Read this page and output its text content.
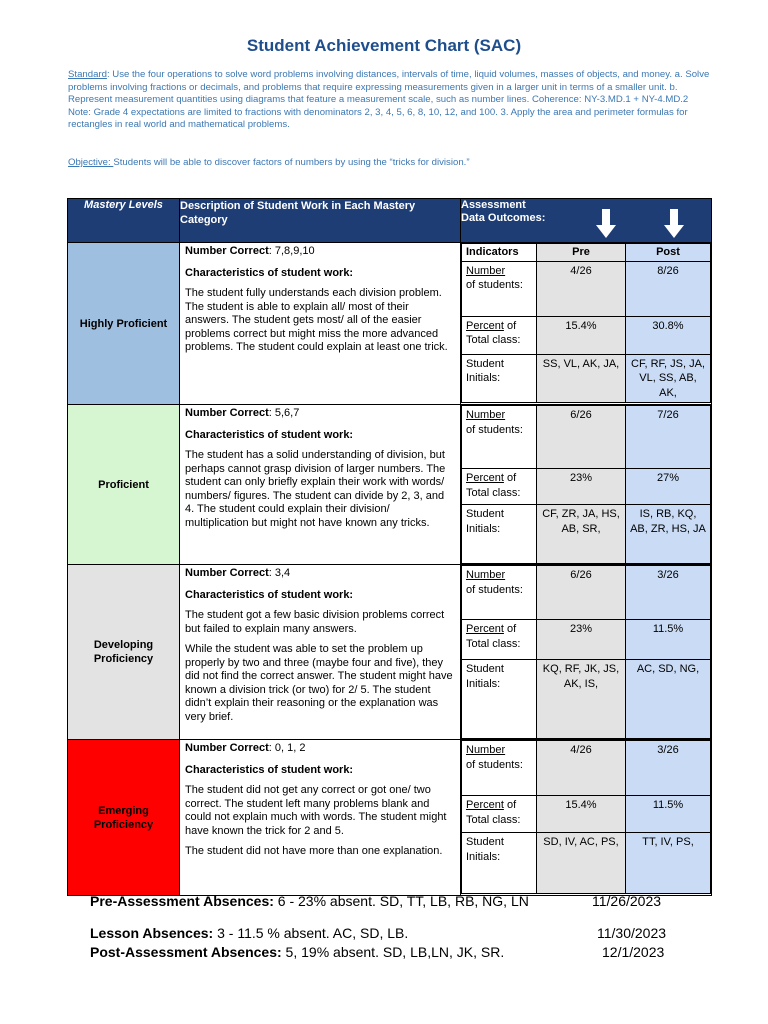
Student Achievement Chart (SAC)
Standard: Use the four operations to solve word problems involving distances, intervals of time, liquid volumes, masses of objects, and money. a. Solve problems involving fractions or decimals, and problems that require expressing measurements given in a larger unit in terms of a smaller unit. b. Represent measurement quantities using diagrams that feature a measurement scale, such as number lines. Coherence: NY-3.MD.1 + NY-4.MD.2 Note: Grade 4 expectations are limited to fractions with denominators 2, 3, 4, 5, 6, 8, 10, 12, and 100. 3. Apply the area and perimeter formulas for rectangles in real world and mathematical problems.
Objective: Students will be able to discover factors of numbers by using the “tricks for division.”
Mastery Levels	Description of Student Work in Each Mastery Category	
Assessment Data Outcomes:

Highly Proficient	

Number Correct: 7,8,9,10

Characteristics of student work:

The student fully understands each division problem. The student is able to explain all/ most of their answers. The student gets most/ all of the easier problems correct but might miss the more advanced problems. The student could explain at least one trick.

Indicators	Pre	Post
Number
of students:	4/26	8/26
Percent of Total class:	15.4%	30.8%
Student Initials:	SS, VL, AK, JA,	CF, RF, JS, JA, VL, SS, AB, AK,

Proficient	

Number Correct: 5,6,7

Characteristics of student work:

The student has a solid understanding of division, but perhaps cannot grasp division of larger numbers. The student can only briefly explain their work with words/ numbers/ figures. The student can divide by 2, 3, and 4. The student could explain their division/ multiplication but might not have known any tricks.

Number
of students:	6/26	7/26
Percent of Total class:	23%	27%
Student Initials:	CF, ZR, JA, HS, AB, SR,	IS, RB, KQ, AB, ZR, HS, JA

Developing Proficiency	

Number Correct: 3,4

Characteristics of student work:

The student got a few basic division problems correct but failed to explain many answers.

While the student was able to set the problem up properly by two and three (maybe four and five), they did not find the correct answer. The student might have known a division trick (or two) for 2/ 5. The student didn’t explain their reasoning or the explanation was very brief.

Number
of students:	6/26	3/26
Percent of Total class:	23%	11.5%
Student Initials:	KQ, RF, JK, JS, AK, IS,	AC, SD, NG,

Emerging Proficiency	

Number Correct: 0, 1, 2

Characteristics of student work:

The student did not get any correct or got one/ two correct. The student left many problems blank and could not explain much with words. The student might have known the trick for 2 and 5.

The student did not have more than one explanation.

Number
of students:	4/26	3/26
Percent of Total class:	15.4%	11.5%
Student Initials:	SD, IV, AC, PS,	TT, IV, PS,
Pre-Assessment Absences: 6 - 23% absent. SD, TT, LB, RB, NG, LN	11/26/2023
Lesson Absences: 3 - 11.5 % absent. AC, SD, LB.	11/30/2023
Post-Assessment Absences: 5, 19% absent. SD, LB,LN, JK, SR.	12/1/2023
